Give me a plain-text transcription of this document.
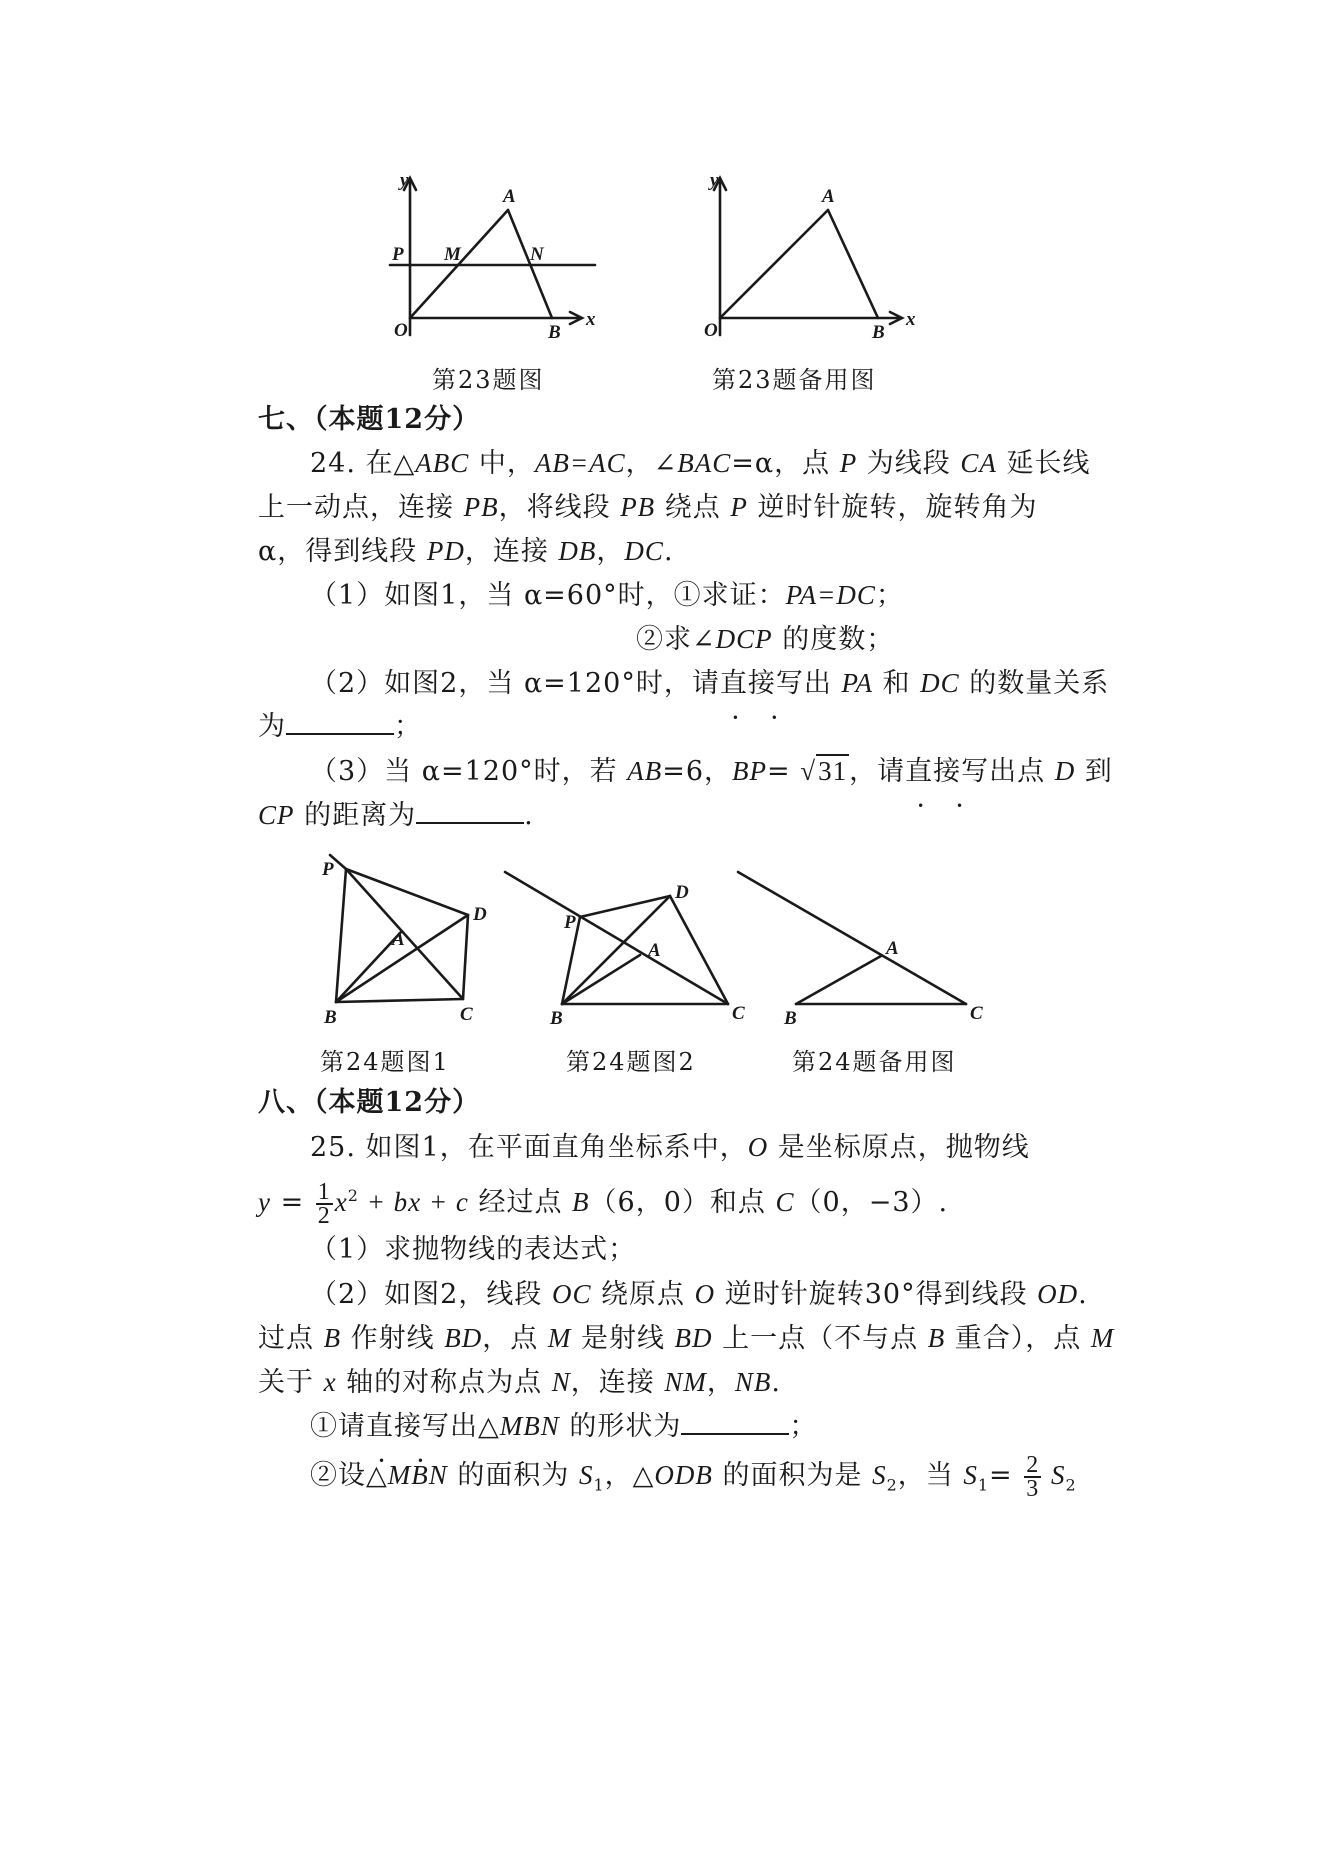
y
A
P M	N
O	B
x
第23题图
y
A
O	B
x
第23题备用图
七、（本题12分）
24. 在△ABC 中，AB=AC，∠BAC=α，点 P 为线段 CA 延长线
上一动点，连接 PB，将线段 PB 绕点 P 逆时针旋转，旋转角为
α，得到线段 PD，连接 DB，DC.
（1）如图1，当 α=60°时，①求证：PA=DC；
②求∠DCP 的度数；
（2）如图2，当 α=120°时，请直接 • •写出 PA 和 DC 的数量关系
为	；
（3）当 α=120°时，若 AB=6，BP= √31，请直接 • •写出点 D 到
CP 的距离为	.
P
A
D
B	C
第24题图1
P
A
D
B	C
第24题图2
A
B	C
第24题备用图
八、（本题12分）
25. 如图1，在平面直角坐标系中，O 是坐标原点，抛物线
$y = \frac{1}{2} x^2$ + bx + c 经过点 B（6，0）和点 C（0，−3）.
（1）求抛物线的表达式；
（2）如图2，线段 OC 绕原点 O 逆时针旋转30°得到线段 OD.
过点 B 作射线 BD，点 M 是射线 BD 上一点（不与点 B 重合），点 M
关于 x 轴的对称点为点 N，连接 NM，NB.
①请直接 • •写出△MBN 的形状为	；
②设△MBN 的面积为 $S_1$，△ODB 的面积为是 $S_2$，当 $S_1= \frac{2}{3} S_2$
